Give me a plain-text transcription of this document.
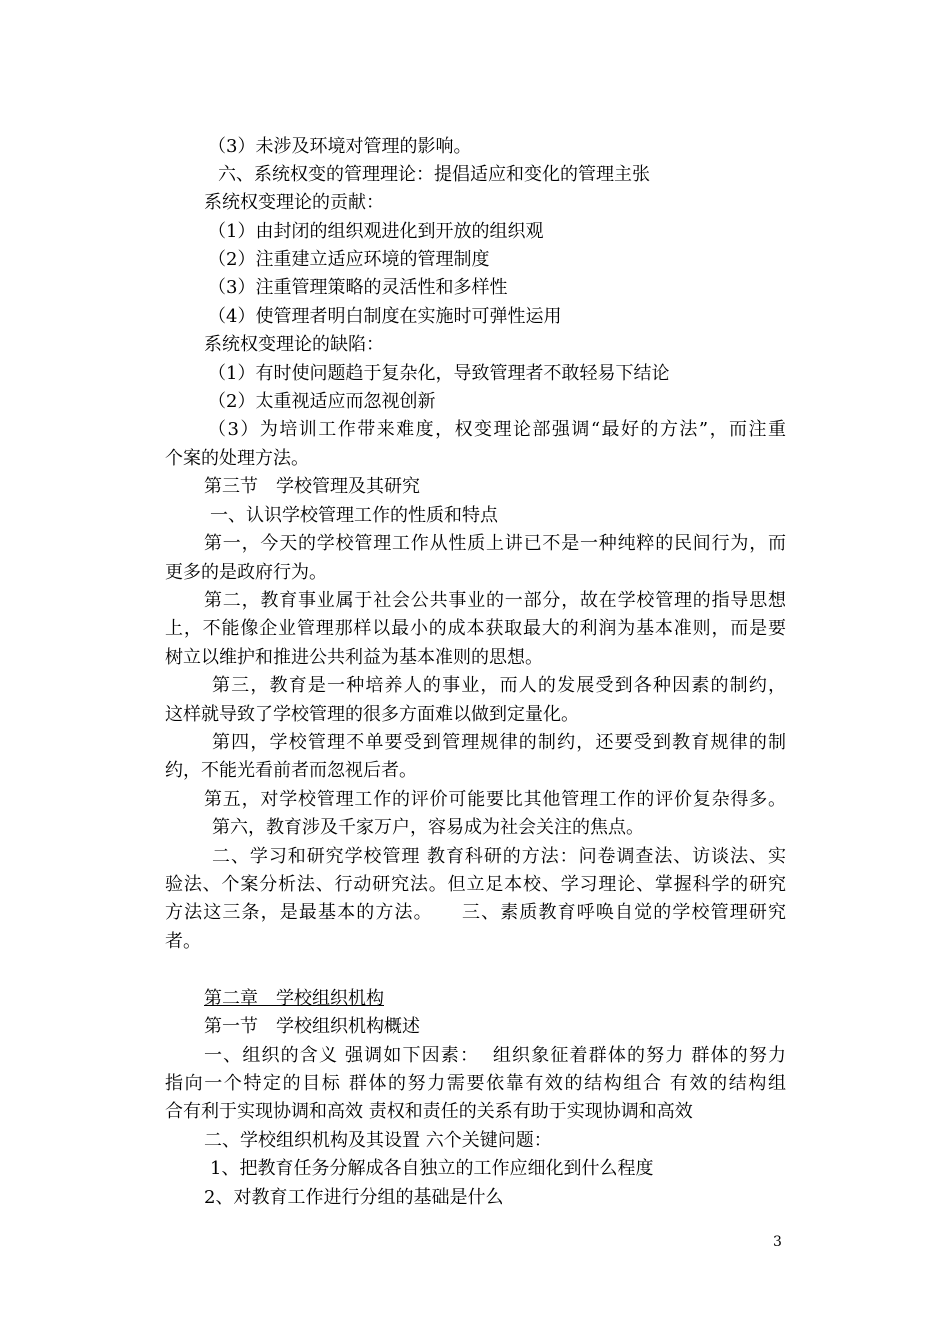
（3）未涉及环境对管理的影响。
六、系统权变的管理理论：提倡适应和变化的管理主张
系统权变理论的贡献：
（1）由封闭的组织观进化到开放的组织观
（2）注重建立适应环境的管理制度
（3）注重管理策略的灵活性和多样性
（4）使管理者明白制度在实施时可弹性运用
系统权变理论的缺陷：
（1）有时使问题趋于复杂化，导致管理者不敢轻易下结论
（2）太重视适应而忽视创新
（3）为培训工作带来难度，权变理论部强调“最好的方法”，而注重
个案的处理方法。
第三节　学校管理及其研究
一、认识学校管理工作的性质和特点
第一，今天的学校管理工作从性质上讲已不是一种纯粹的民间行为，而
更多的是政府行为。
第二，教育事业属于社会公共事业的一部分，故在学校管理的指导思想
上，不能像企业管理那样以最小的成本获取最大的利润为基本准则，而是要
树立以维护和推进公共利益为基本准则的思想。
第三，教育是一种培养人的事业，而人的发展受到各种因素的制约，
这样就导致了学校管理的很多方面难以做到定量化。
第四，学校管理不单要受到管理规律的制约，还要受到教育规律的制
约，不能光看前者而忽视后者。
第五，对学校管理工作的评价可能要比其他管理工作的评价复杂得多。
第六，教育涉及千家万户，容易成为社会关注的焦点。
二、学习和研究学校管理 教育科研的方法：问卷调查法、访谈法、实
验法、个案分析法、行动研究法。但立足本校、学习理论、掌握科学的研究
方法这三条，是最基本的方法。　　三、素质教育呼唤自觉的学校管理研究
者。
第二章　学校组织机构
第一节　学校组织机构概述
一、组织的含义 强调如下因素：  组织象征着群体的努力 群体的努力
指向一个特定的目标 群体的努力需要依靠有效的结构组合 有效的结构组
合有利于实现协调和高效 责权和责任的关系有助于实现协调和高效
二、学校组织机构及其设置 六个关键问题：
1、把教育任务分解成各自独立的工作应细化到什么程度
2、对教育工作进行分组的基础是什么
3
